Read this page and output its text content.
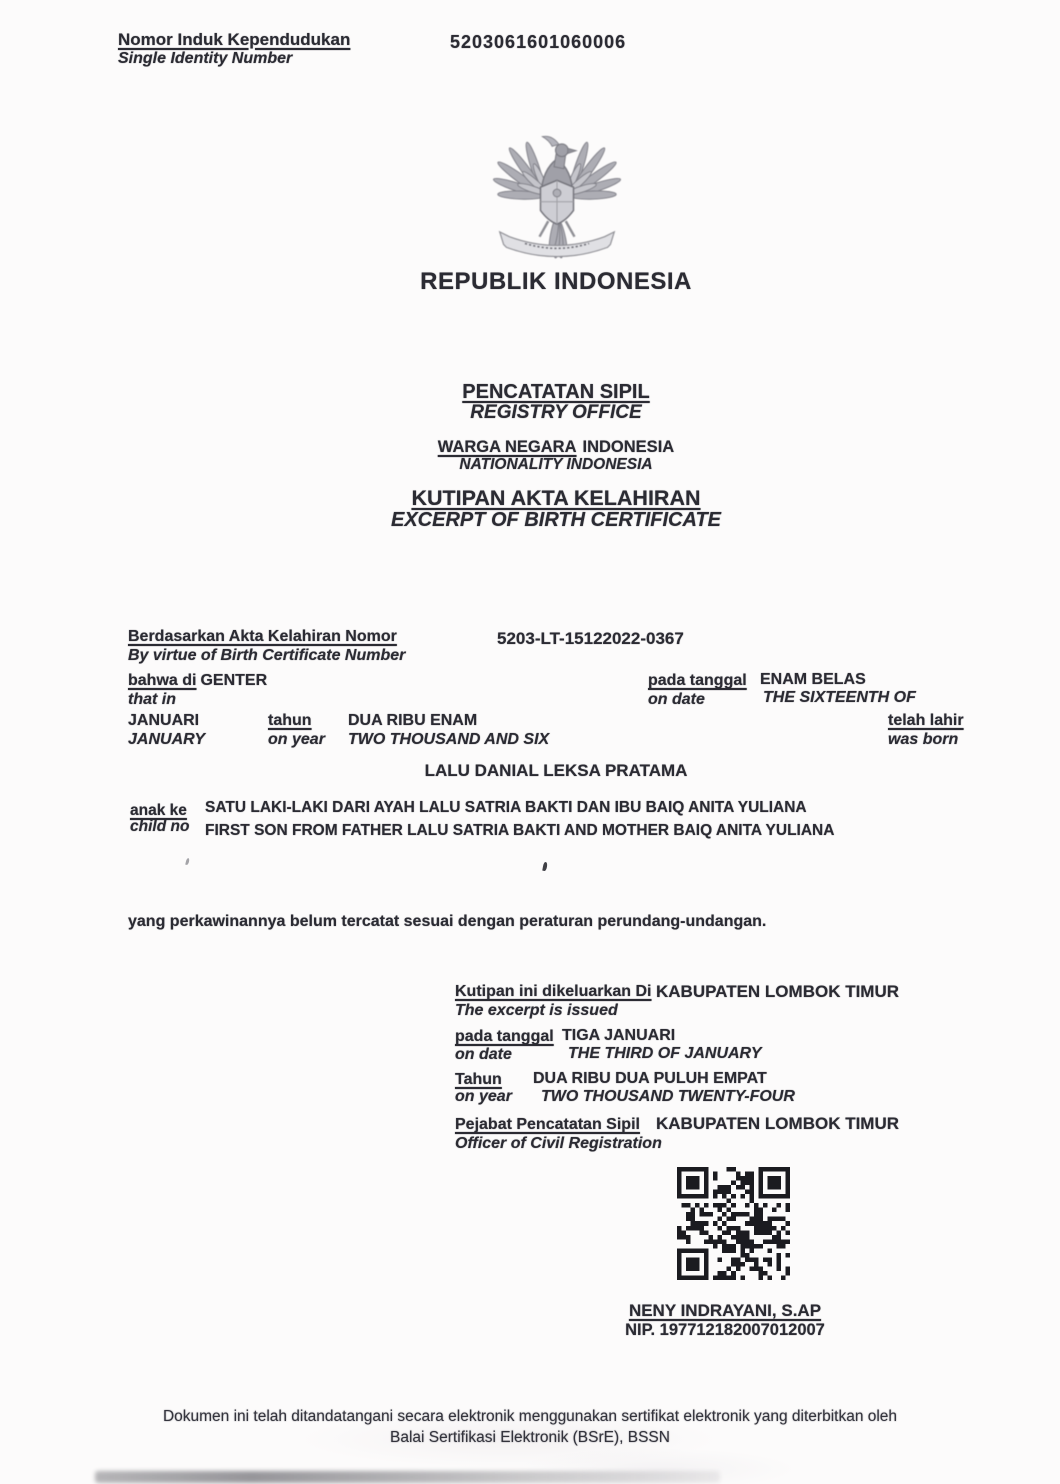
Nomor Induk Kependudukan
Single Identity Number
5203061601060006
REPUBLIK INDONESIA
PENCATATAN SIPIL
REGISTRY OFFICE
WARGA NEGARA INDONESIA
NATIONALITY INDONESIA
KUTIPAN AKTA KELAHIRAN
EXCERPT OF BIRTH CERTIFICATE
Berdasarkan Akta Kelahiran Nomor
By virtue of Birth Certificate Number
5203-LT-15122022-0367
bahwa di GENTER
that in
pada tanggal
on date
ENAM BELAS
THE SIXTEENTH OF
JANUARI
JANUARY
tahun
on year
DUA RIBU ENAM
TWO THOUSAND AND SIX
telah lahir
was born
LALU DANIAL LEKSA PRATAMA
anak ke
child no
SATU LAKI-LAKI DARI AYAH LALU SATRIA BAKTI DAN IBU BAIQ ANITA YULIANA
FIRST SON FROM FATHER LALU SATRIA BAKTI AND MOTHER BAIQ ANITA YULIANA
yang perkawinannya belum tercatat sesuai dengan peraturan perundang-undangan.
Kutipan ini dikeluarkan Di
The excerpt is issued
KABUPATEN LOMBOK TIMUR
pada tanggal
on date
TIGA JANUARI
THE THIRD OF JANUARY
Tahun
on year
DUA RIBU DUA PULUH EMPAT
TWO THOUSAND TWENTY-FOUR
Pejabat Pencatatan Sipil
Officer of Civil Registration
KABUPATEN LOMBOK TIMUR
NENY INDRAYANI, S.AP
NIP. 197712182007012007
Dokumen ini telah ditandatangani secara elektronik menggunakan sertifikat elektronik yang diterbitkan oleh
Balai Sertifikasi Elektronik (BSrE), BSSN
